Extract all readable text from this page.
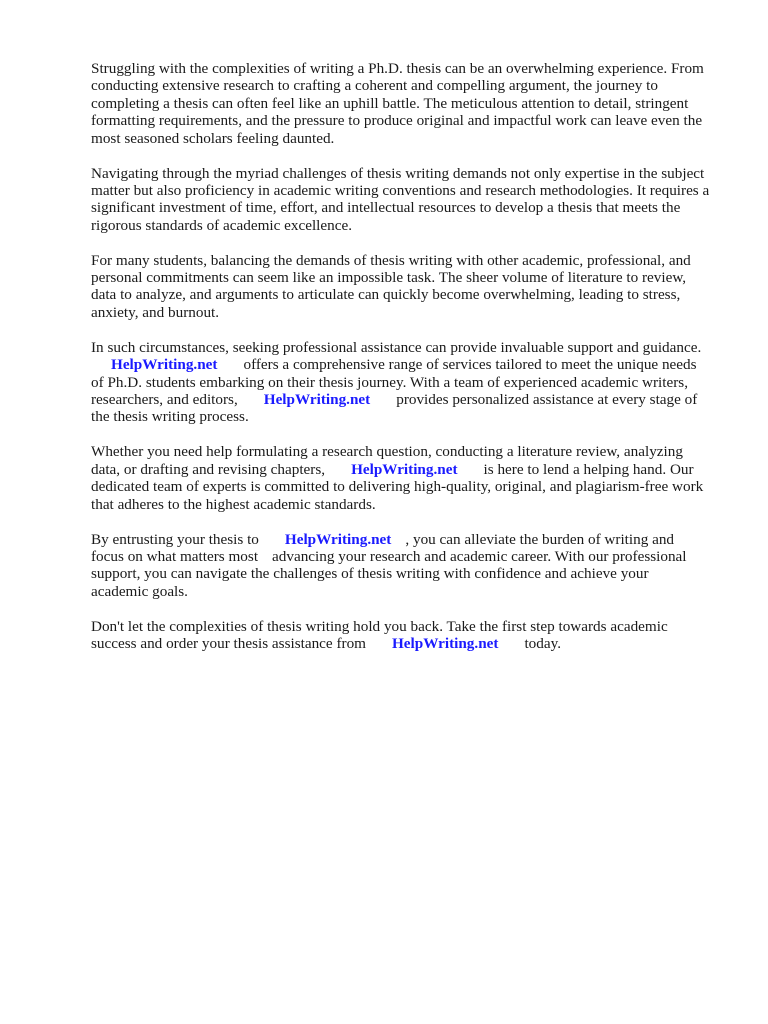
Struggling with the complexities of writing a Ph.D. thesis can be an overwhelming experience. From
conducting extensive research to crafting a coherent and compelling argument, the journey to
completing a thesis can often feel like an uphill battle. The meticulous attention to detail, stringent
formatting requirements, and the pressure to produce original and impactful work can leave even the
most seasoned scholars feeling daunted.

Navigating through the myriad challenges of thesis writing demands not only expertise in the subject
matter but also proficiency in academic writing conventions and research methodologies. It requires a
significant investment of time, effort, and intellectual resources to develop a thesis that meets the
rigorous standards of academic excellence.

For many students, balancing the demands of thesis writing with other academic, professional, and
personal commitments can seem like an impossible task. The sheer volume of literature to review,
data to analyze, and arguments to articulate can quickly become overwhelming, leading to stress,
anxiety, and burnout.

In such circumstances, seeking professional assistance can provide invaluable support and guidance.
HelpWriting.net offers a comprehensive range of services tailored to meet the unique needs
of Ph.D. students embarking on their thesis journey. With a team of experienced academic writers,
researchers, and editors, HelpWriting.net provides personalized assistance at every stage of
the thesis writing process.

Whether you need help formulating a research question, conducting a literature review, analyzing
data, or drafting and revising chapters, HelpWriting.net is here to lend a helping hand. Our
dedicated team of experts is committed to delivering high-quality, original, and plagiarism-free work
that adheres to the highest academic standards.

By entrusting your thesis to HelpWriting.net , you can alleviate the burden of writing and
focus on what matters most advancing your research and academic career. With our professional
support, you can navigate the challenges of thesis writing with confidence and achieve your
academic goals.

Don't let the complexities of thesis writing hold you back. Take the first step towards academic
success and order your thesis assistance from HelpWriting.net today.
